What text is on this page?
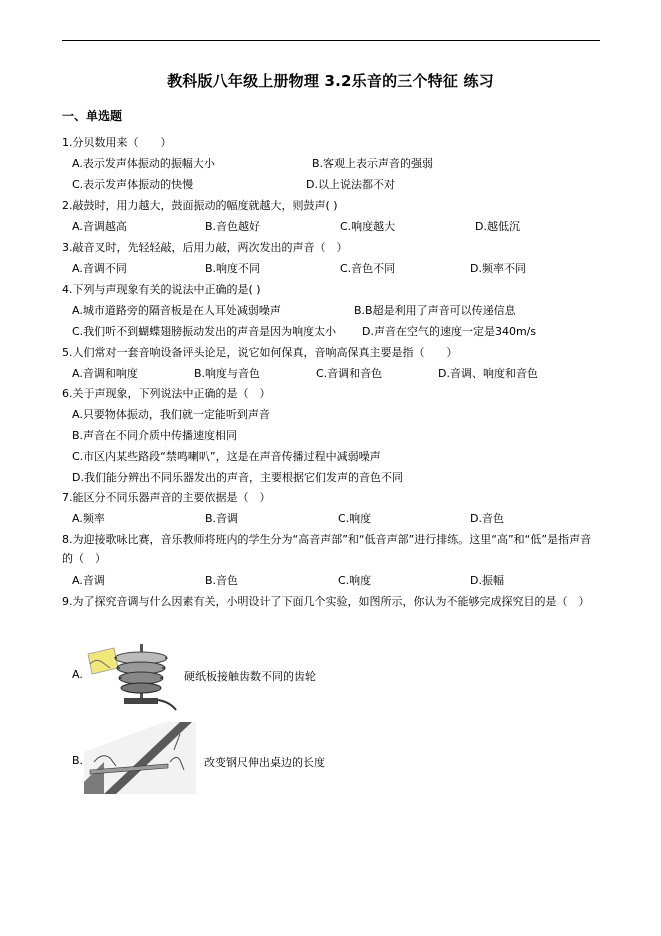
教科版八年级上册物理 3.2乐音的三个特征 练习
一、单选题
1.分贝数用来（　　）
A.表示发声体振动的振幅大小	B.客观上表示声音的强弱
C.表示发声体振动的快慢	D.以上说法都不对
2.敲鼓时，用力越大，鼓面振动的幅度就越大，则鼓声( )
A.音调越高	B.音色越好	C.响度越大	D.越低沉
3.敲音叉时，先轻轻敲，后用力敲，两次发出的声音（　）
A.音调不同	B.响度不同	C.音色不同	D.频率不同
4.下列与声现象有关的说法中正确的是( )
A.城市道路旁的隔音板是在人耳处减弱噪声	B.B超是利用了声音可以传递信息
C.我们听不到蝴蝶翅膀振动发出的声音是因为响度太小 D.声音在空气的速度一定是340m/s
5.人们常对一套音响设备评头论足，说它如何保真，音响高保真主要是指（　　）
A.音调和响度	B.响度与音色	C.音调和音色	D.音调、响度和音色
6.关于声现象，下列说法中正确的是（　）
A.只要物体振动，我们就一定能听到声音
B.声音在不同介质中传播速度相同
C.市区内某些路段“禁鸣喇叭”，这是在声音传播过程中减弱噪声
D.我们能分辨出不同乐器发出的声音，主要根据它们发声的音色不同
7.能区分不同乐器声音的主要依据是（　）
A.频率	B.音调	C.响度	D.音色
8.为迎接歌咏比赛，音乐教师将班内的学生分为“高音声部”和“低音声部”进行排练。这里“高”和“低”是指声音的（　）
A.音调	B.音色	C.响度	D.振幅
9.为了探究音调与什么因素有关，小明设计了下面几个实验，如图所示，你认为不能够完成探究目的是（　）
A.
	硬纸板接触齿数不同的齿轮
B.	改变钢尺伸出桌边的长度
